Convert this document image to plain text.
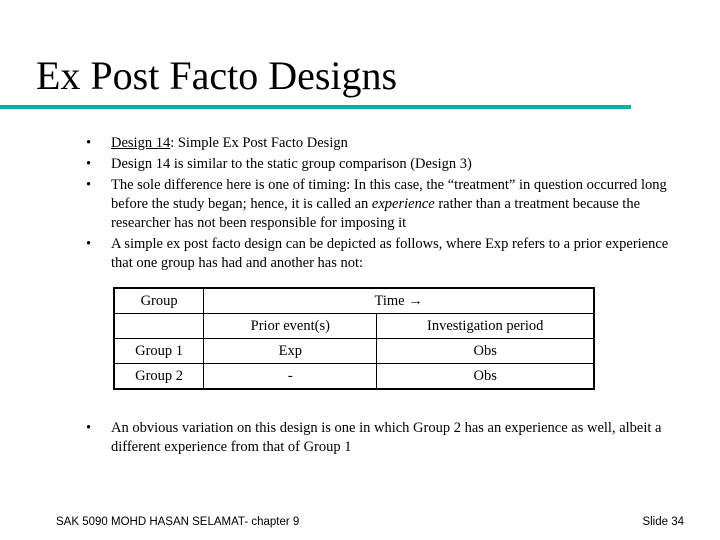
Ex Post Facto Designs
• Design 14: Simple Ex Post Facto Design
• Design 14 is similar to the static group comparison (Design 3)
• The sole difference here is one of timing: In this case, the “treatment” in question occurred long before the study began; hence, it is called an experience rather than a treatment because the researcher has not been responsible for imposing it
• A simple ex post facto design can be depicted as follows, where Exp refers to a prior experience that one group has had and another has not:
Group	Time →	
	Prior event(s)	Investigation period
Group 1	Exp	Obs
Group 2	-	Obs
• An obvious variation on this design is one in which Group 2 has an experience as well, albeit a different experience from that of Group 1
SAK 5090 MOHD HASAN SELAMAT- chapter 9	Slide 34
